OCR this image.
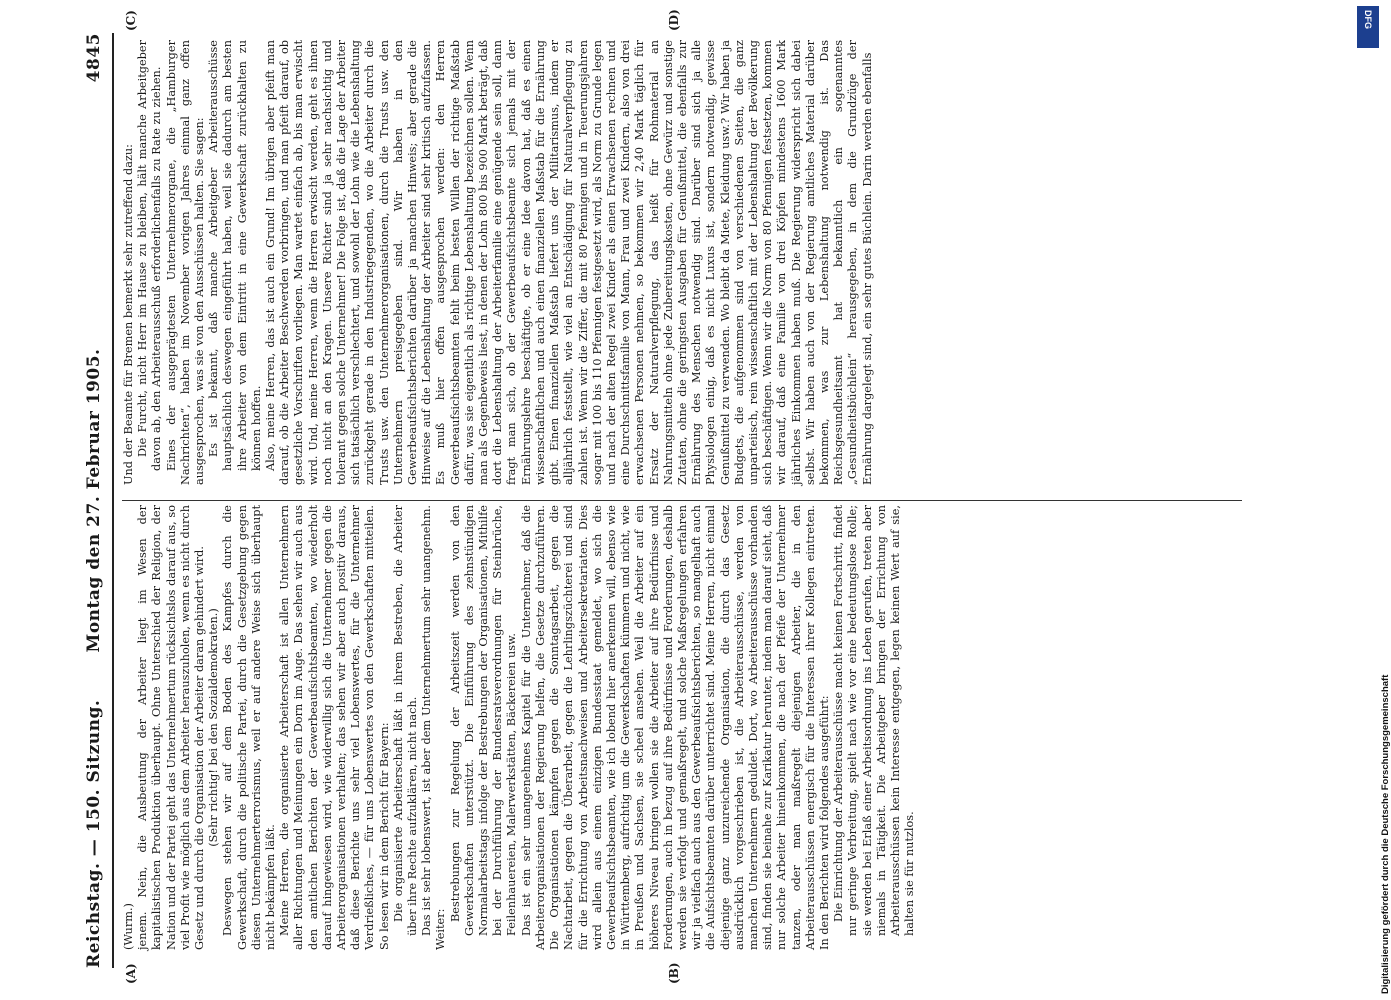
Reichstag. — 150. Sitzung.
Montag den 27. Februar 1905.
4845
(A)	(B)
(C)	(D)

(Wurm.) jenem. Nein, die Ausbeutung der Arbeiter liegt im Wesen der kapitalistischen Produktion überhaupt. Ohne Unterschied der Religion, der Nation und der Partei geht das Unternehmertum rücksichtslos darauf aus, so viel Profit wie möglich aus dem Arbeiter herauszuholen, wenn es nicht durch Gesetz und durch die Organisation der Arbeiter daran gehindert wird. (Sehr richtig! bei den Sozialdemokraten.) Deswegen stehen wir auf dem Boden des Kampfes durch die Gewerkschaft, durch die politische Partei, durch die Gesetzgebung gegen diesen Unternehmerterrorismus, weil er auf andere Weise sich überhaupt nicht bekämpfen läßt. Meine Herren, die organisierte Arbeiterschaft ist allen Unternehmern aller Richtungen und Meinungen ein Dorn im Auge. Das sehen wir auch aus den amtlichen Berichten der Gewerbeaufsichtsbeamten, wo wiederholt darauf hingewiesen wird, wie widerwillig sich die Unternehmer gegen die Arbeiterorganisationen verhalten; das sehen wir aber auch positiv daraus, daß diese Berichte uns sehr viel Lobenswertes, für die Unternehmer Verdrießliches, — für uns Lobenswertes von den Gewerkschaften mitteilen. So lesen wir in dem Bericht für Bayern: Die organisierte Arbeiterschaft läßt in ihrem Bestreben, die Arbeiter über ihre Rechte aufzuklären, nicht nach. Das ist sehr lobenswert, ist aber dem Unternehmertum sehr unangenehm. Weiter:

Bestrebungen zur Regelung der Arbeitszeit werden von den Gewerkschaften unterstützt. Die Einführung des zehnstündigen Normalarbeitstags infolge der Bestrebungen der Organisationen, Mithilfe bei der Durchführung der Bundesratsverordnungen für Steinbrüche, Feilenhauereien, Malerwerkstätten, Bäckereien usw. Das ist ein sehr unangenehmes Kapitel für die Unternehmer, daß die Arbeiterorganisationen der Regierung helfen, die Gesetze durchzuführen. Die Organisationen kämpfen gegen die Sonntagsarbeit, gegen die Nachtarbeit, gegen die Überarbeit, gegen die Lehrlingszüchterei und sind für die Errichtung von Arbeitsnachweisen und Arbeitersekretariaten. Dies wird allein aus einem einzigen Bundesstaat gemeldet, wo sich die Gewerbeaufsichtsbeamten, wie ich lobend hier anerkennen will, ebenso wie in Württemberg, aufrichtig um die Gewerkschaften kümmern und nicht, wie in Preußen und Sachsen, sie scheel ansehen. Weil die Arbeiter auf ein höheres Niveau bringen wollen sie die Arbeiter auf ihre Bedürfnisse und Forderungen, auch in bezug auf ihre Bedürfnisse und Forderungen, deshalb werden sie verfolgt und gemaßregelt, und solche Maßregelungen erfahren wir ja vielfach auch aus den Gewerbeaufsichtsberichten, so mangelhaft auch die Aufsichtsbeamten darüber unterrichtet sind. Meine Herren, nicht einmal diejenige ganz unzureichende Organisation, die durch das Gesetz ausdrücklich vorgeschrieben ist, die Arbeiterausschüsse, werden von manchen Unternehmern geduldet. Dort, wo Arbeiterausschüsse vorhanden sind, finden sie beinahe zur Karikatur herunter, indem man darauf sieht, daß nur solche Arbeiter hineinkommen, die nach der Pfeife der Unternehmer tanzen, oder man maßregelt diejenigen Arbeiter, die in den Arbeiterausschüssen energisch für die Interessen ihrer Kollegen eintreten. In den Berichten wird folgendes ausgeführt: Die Einrichtung der Arbeiterausschüsse macht keinen Fortschritt, findet nur geringe Verbreitung, spielt nach wie vor eine bedeutungslose Rolle; sie werden bei Erlaß einer Arbeitsordnung ins Leben gerufen, treten aber niemals in Tätigkeit. Die Arbeitgeber bringen der Errichtung von Arbeiterausschüssen kein Interesse entgegen, legen keinen Wert auf sie, halten sie für nutzlos.

Und der Beamte für Bremen bemerkt sehr zutreffend dazu: Die Furcht, nicht Herr im Hause zu bleiben, hält manche Arbeitgeber davon ab, den Arbeiterausschuß erforderlichenfalls zu Rate zu ziehen. Eines der ausgeprägtesten Unternehmerorgane, die „Hamburger Nachrichten“, haben im November vorigen Jahres einmal ganz offen ausgesprochen, was sie von den Ausschüssen halten. Sie sagen: Es ist bekannt, daß manche Arbeitgeber Arbeiterausschüsse hauptsächlich deswegen eingeführt haben, weil sie dadurch am besten ihre Arbeiter von dem Eintritt in eine Gewerkschaft zurückhalten zu können hoffen. Also, meine Herren, das ist auch ein Grund! Im übrigen aber pfeift man darauf, ob die Arbeiter Beschwerden vorbringen, und man pfeift darauf, ob gesetzliche Vorschriften vorliegen. Man wartet einfach ab, bis man erwischt wird. Und, meine Herren, wenn die Herren erwischt werden, geht es ihnen noch nicht an den Kragen. Unsere Richter sind ja sehr nachsichtig und tolerant gegen solche Unternehmer! Die Folge ist, daß die Lage der Arbeiter sich tatsächlich verschlechtert, und sowohl der Lohn wie die Lebenshaltung zurückgeht gerade in den Industriegegenden, wo die Arbeiter durch die Trusts usw. den Unternehmerorganisationen, durch die Trusts usw. den Unternehmern preisgegeben sind. Wir haben in den Gewerbeaufsichtsberichten darüber ja manchen Hinweis; aber gerade die Hinweise auf die Lebenshaltung der Arbeiter sind sehr kritisch aufzufassen. Es muß hier offen ausgesprochen werden: den Herren Gewerbeaufsichtsbeamten fehlt beim besten Willen der richtige Maßstab dafür, was sie eigentlich als richtige Lebenshaltung bezeichnen sollen. Wenn man als Gegenbeweis liest, in denen der Lohn 800 bis 900 Mark beträgt, daß dort die Lebenshaltung der Arbeiterfamilie eine genügende sein soll, dann fragt man sich, ob der Gewerbeaufsichtsbeamte sich jemals mit der Ernährungslehre beschäftigte, ob er eine Idee davon hat, daß es einen wissenschaftlichen und auch einen finanziellen Maßstab für die Ernährung gibt. Einen finanziellen Maßstab liefert uns der Militarismus, indem er alljährlich feststellt, wie viel an Entschädigung für Naturalverpflegung zu zahlen ist. Wenn wir die Ziffer, die mit 80 Pfennigen und in Teuerungsjahren sogar mit 100 bis 110 Pfennigen festgesetzt wird, als Norm zu Grunde legen und nach der alten Regel zwei Kinder als einen Erwachsenen rechnen und eine Durchschnittsfamilie von Mann, Frau und zwei Kindern, also von drei erwachsenen Personen nehmen, so bekommen wir 2,40 Mark täglich für Ersatz der Naturalverpflegung, das heißt für Rohmaterial an Nahrungsmitteln ohne jede Zubereitungskosten, ohne Gewürz und sonstige Zutaten, ohne die geringsten Ausgaben für Genußmittel, die ebenfalls zur Ernährung des Menschen notwendig sind. Darüber sind sich ja alle Physiologen einig, daß es nicht Luxus ist, sondern notwendig, gewisse Genußmittel zu verwenden. Wo bleibt da Miete, Kleidung usw.? Wir haben ja Budgets, die aufgenommen sind von verschiedenen Seiten, die ganz unparteiisch, rein wissenschaftlich mit der Lebenshaltung der Bevölkerung sich beschäftigen. Wenn wir die Norm von 80 Pfennigen festsetzen, kommen wir darauf, daß eine Familie von drei Köpfen mindestens 1600 Mark jährliches Einkommen haben muß. Die Regierung widerspricht sich dabei selbst. Wir haben auch von der Regierung amtliches Material darüber bekommen, was zur Lebenshaltung notwendig ist. Das Reichsgesundheitsamt hat bekanntlich ein sogenanntes „Gesundheitsbüchlein“ herausgegeben, in dem die Grundzüge der Ernährung dargelegt sind, ein sehr gutes Büchlein. Darin werden ebenfalls

DFG
Digitalisierung gefördert durch die Deutsche Forschungsgemeinschaft
